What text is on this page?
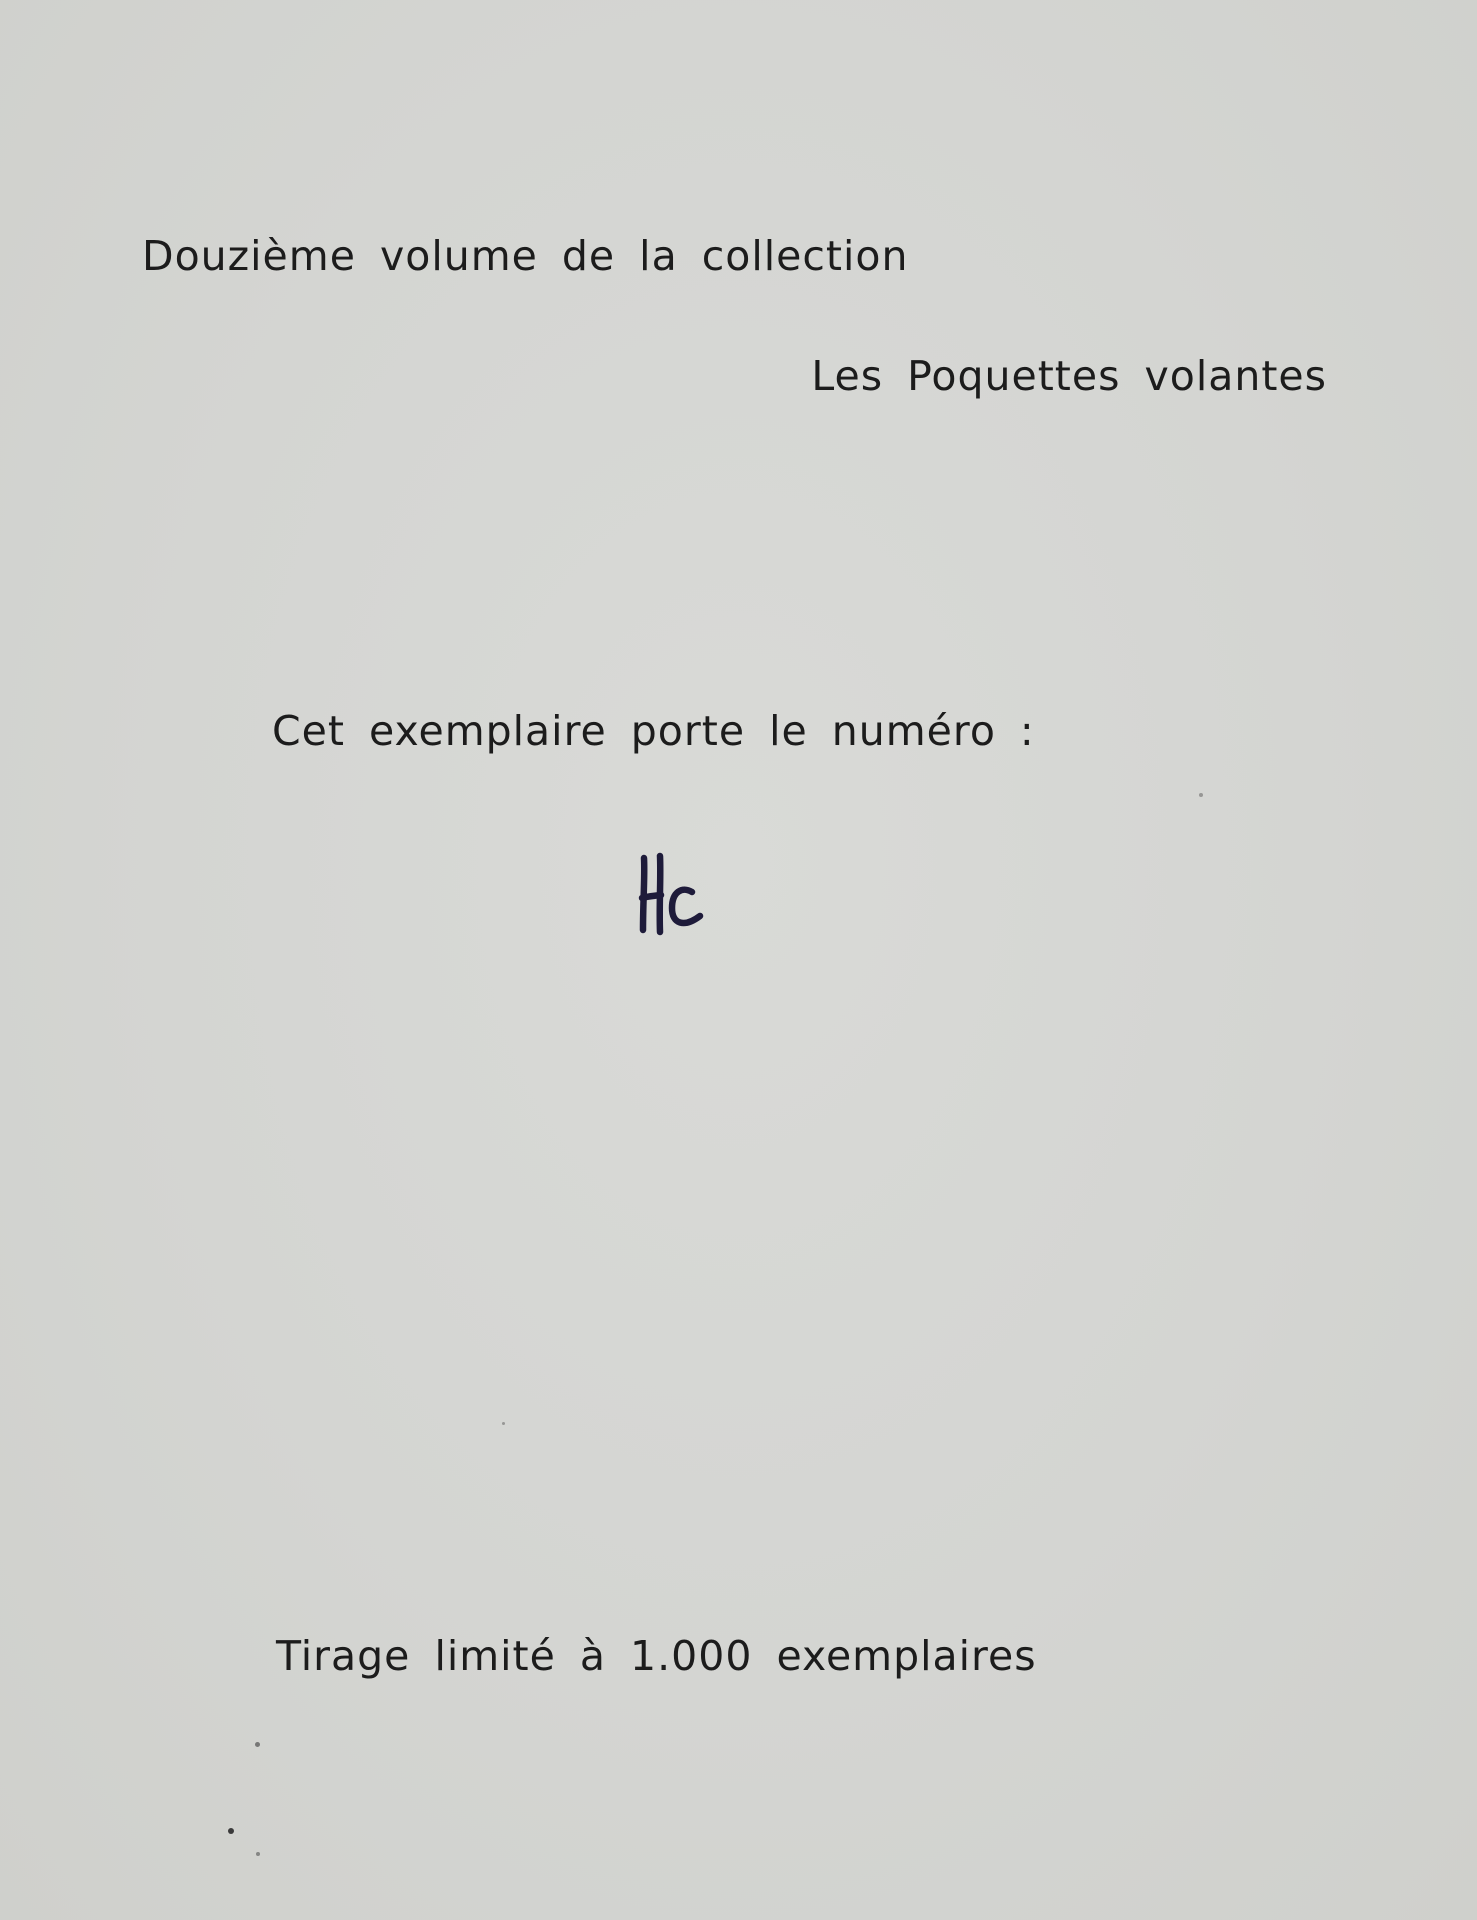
Douzième volume de la collection
Les Poquettes volantes
Cet exemplaire porte le numéro :
Tirage limité à 1.000 exemplaires
